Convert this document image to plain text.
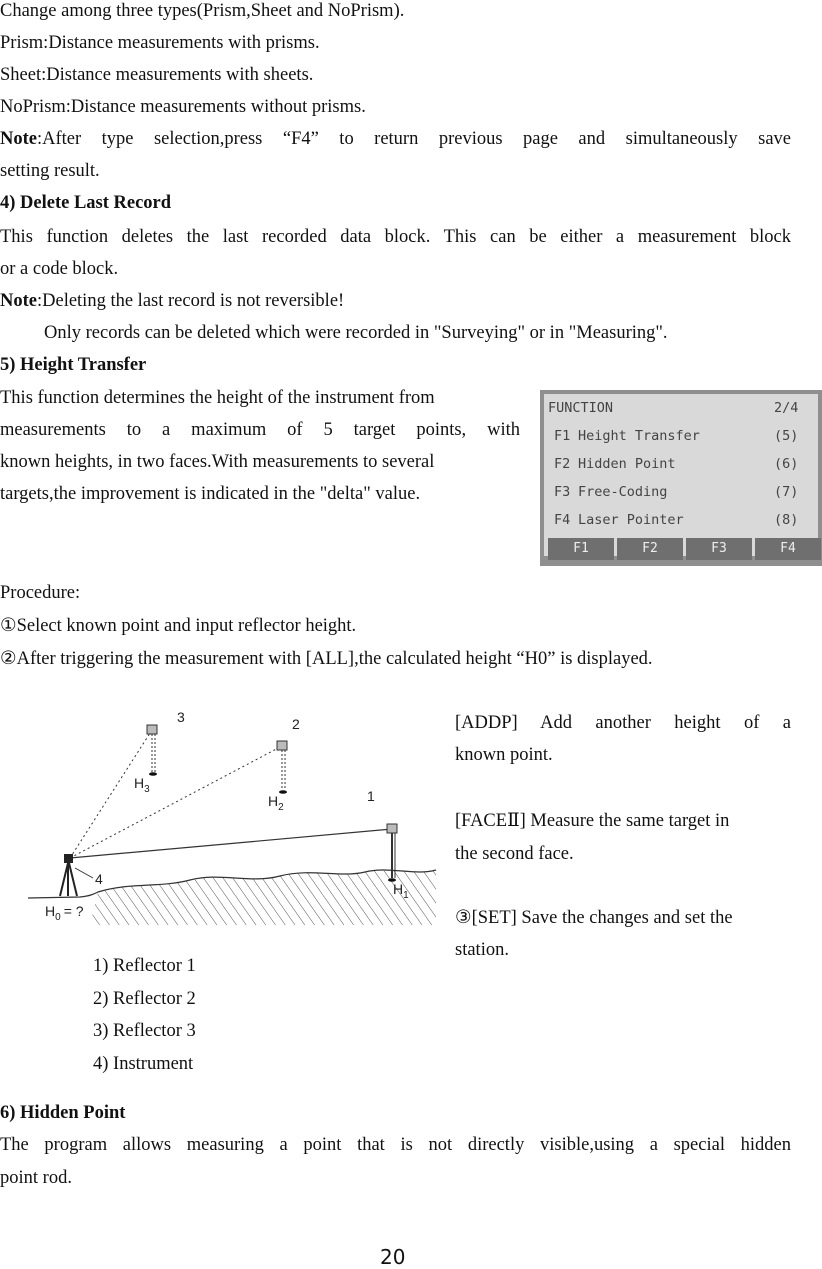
Change among three types(Prism,Sheet and NoPrism).
Prism:Distance measurements with prisms.
Sheet:Distance measurements with sheets.
NoPrism:Distance measurements without prisms.
Note:After type selection,press “F4” to return previous page and simultaneously save
setting result.
4) Delete Last Record
This function deletes the last recorded data block. This can be either a measurement block
or a code block.
Note:Deleting the last record is not reversible!
Only records can be deleted which were recorded in "Surveying" or in "Measuring".
5) Height Transfer
This function determines the height of the instrument from
measurements to a maximum of 5 target points, with
known heights, in two faces.With measurements to several
targets,the improvement is indicated in the "delta" value.
FUNCTION	2/4
F1 Height Transfer	(5)
F2 Hidden Point	(6)
F3 Free-Coding	(7)
F4 Laser Pointer	(8)
F1	F2	F3	F4
Procedure:
①Select known point and input reflector height.
②After triggering the measurement with [ALL],the calculated height “H0” is displayed.
3	2
1
4
$H_3$
$H_2$
$H_1$
$H_0$ = ?
[ADDP] Add another height of a
known point.
[FACEⅡ] Measure the same target in
the second face.
③[SET] Save the changes and set the
station.
1) Reflector 1
2) Reflector 2
3) Reflector 3
4) Instrument
6) Hidden Point
The program allows measuring a point that is not directly visible,using a special hidden
point rod.
20
